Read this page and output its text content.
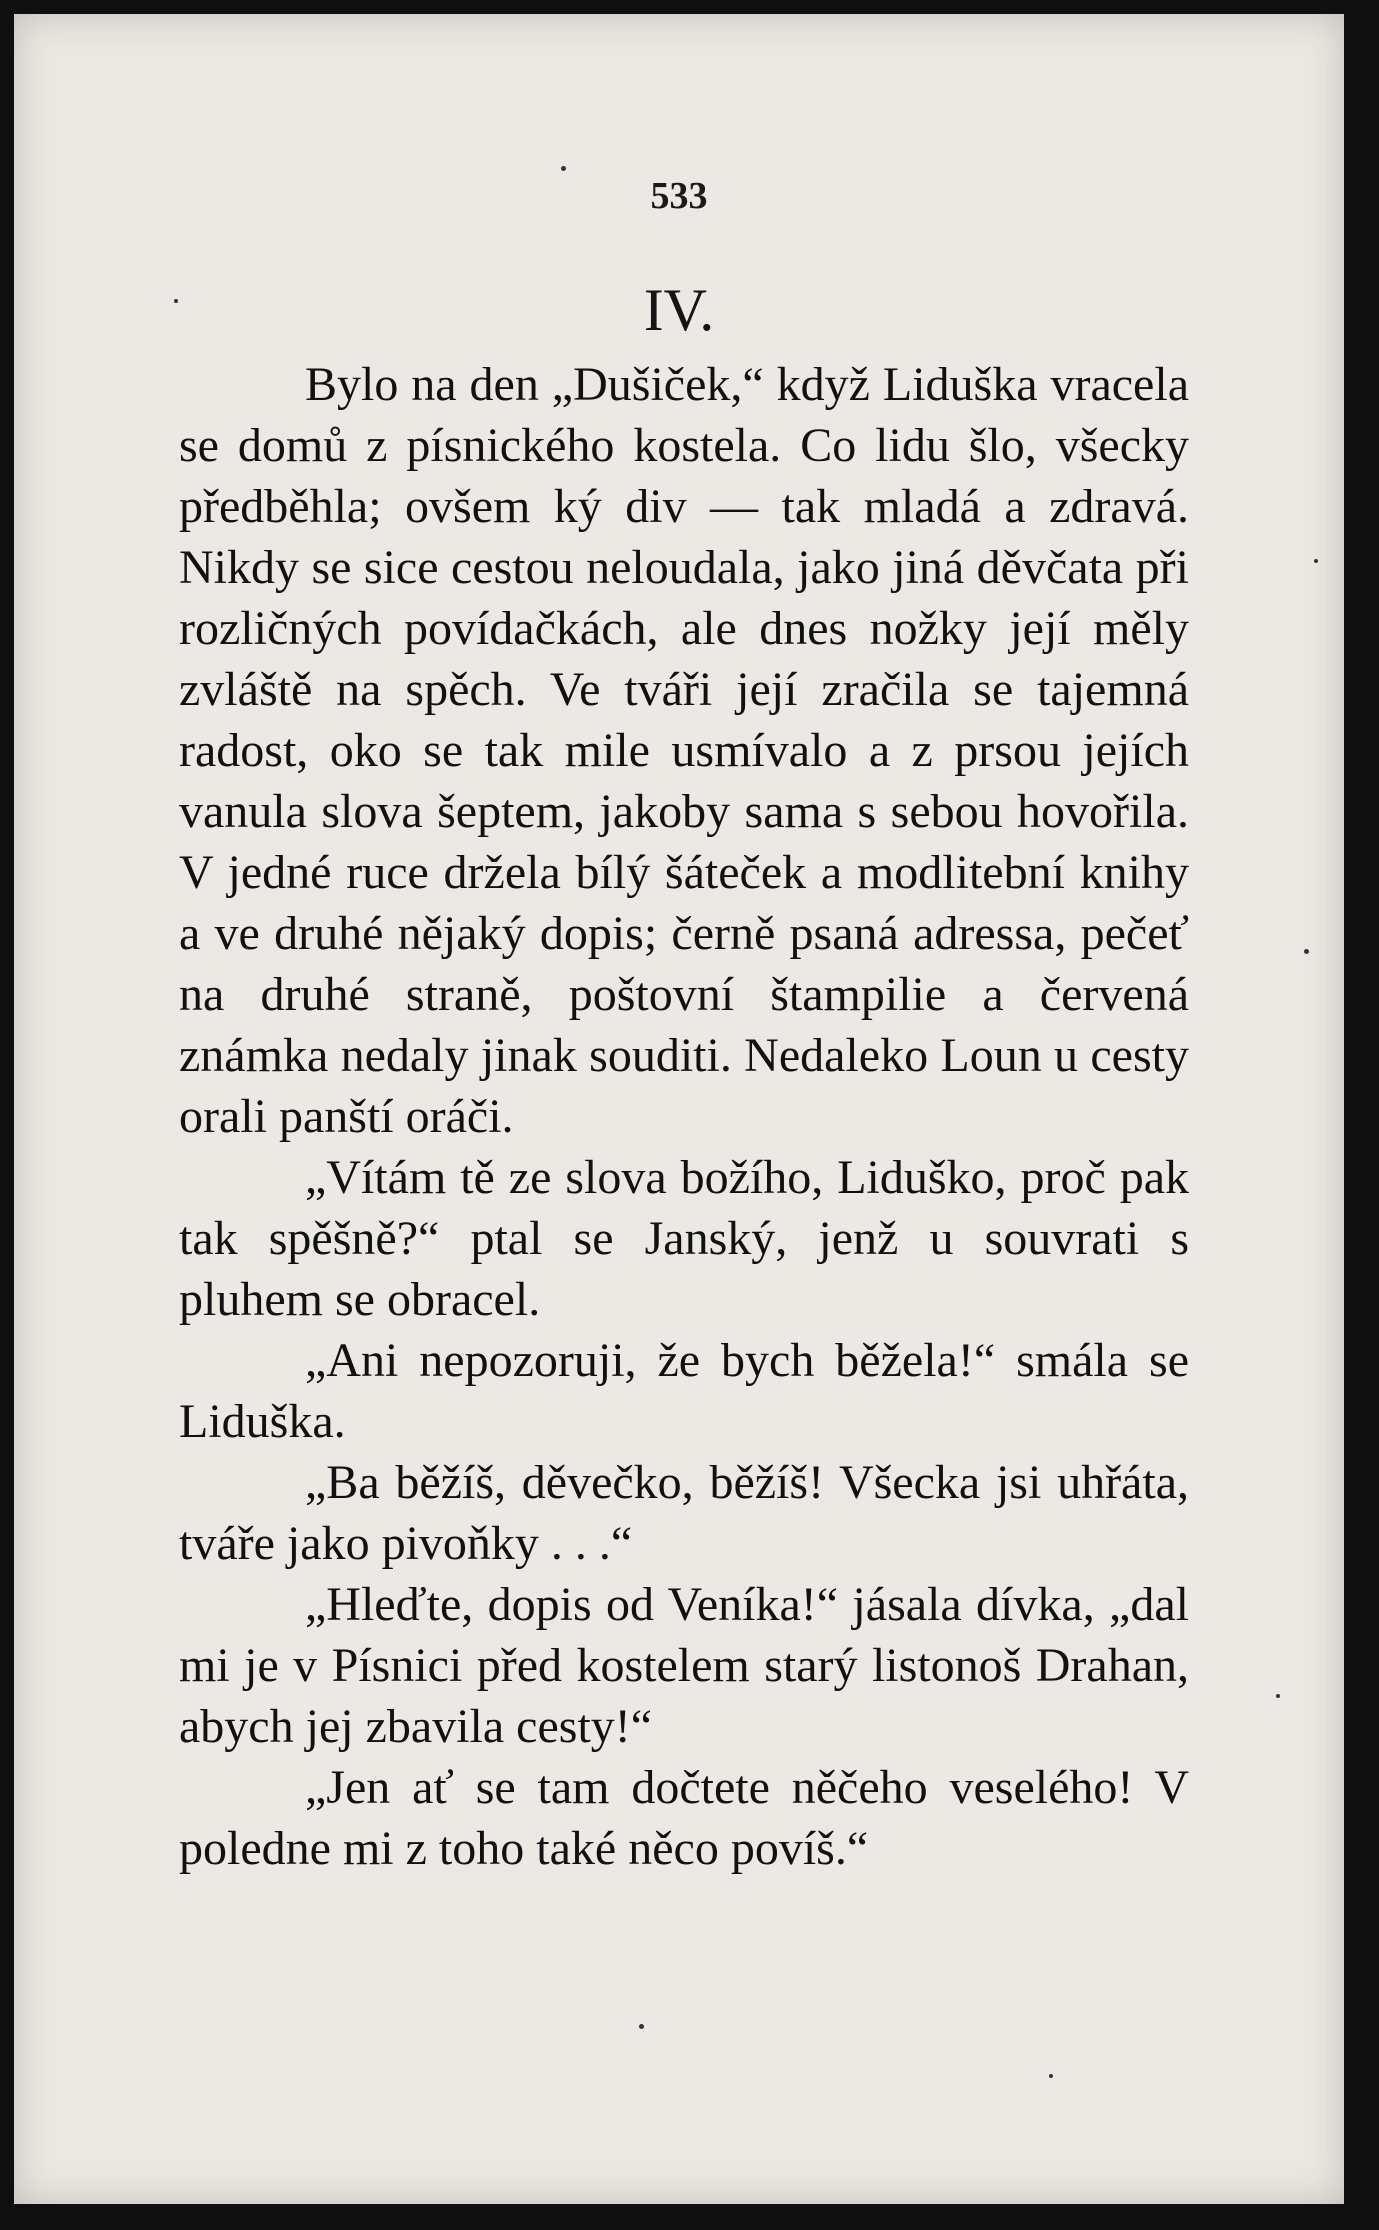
533
IV.

Bylo na den „Dušiček,“ když Liduška vracela se domů z písnického kostela. Co lidu šlo, všecky předběhla; ovšem ký div — tak mladá a zdravá. Nikdy se sice cestou neloudala, jako jiná děvčata při rozličných povídačkách, ale dnes nožky její měly zvláště na spěch. Ve tváři její zračila se tajemná radost, oko se tak mile usmívalo a z prsou jejích vanula slova šeptem, jakoby sama s sebou hovořila. V jedné ruce držela bílý šáteček a modlitební knihy a ve druhé nějaký dopis; černě psaná adressa, pečeť na druhé straně, poštovní štampilie a červená známka nedaly jinak souditi. Nedaleko Loun u cesty orali panští oráči.

„Vítám tě ze slova božího, Liduško, proč pak tak spěšně?“ ptal se Janský, jenž u souvrati s pluhem se obracel.

„Ani nepozoruji, že bych běžela!“ smála se Liduška.

„Bа běžíš, děvečko, běžíš! Všecka jsi uhřáta, tváře jako pivoňky . . .“

„Hleďte, dopis od Veníka!“ jásala dívka, „dal mi je v Písnici před kostelem starý listonoš Drahan, abych jej zbavila cesty!“

„Jen ať se tam dočtete něčeho veselého! V poledne mi z toho také něco povíš.“
